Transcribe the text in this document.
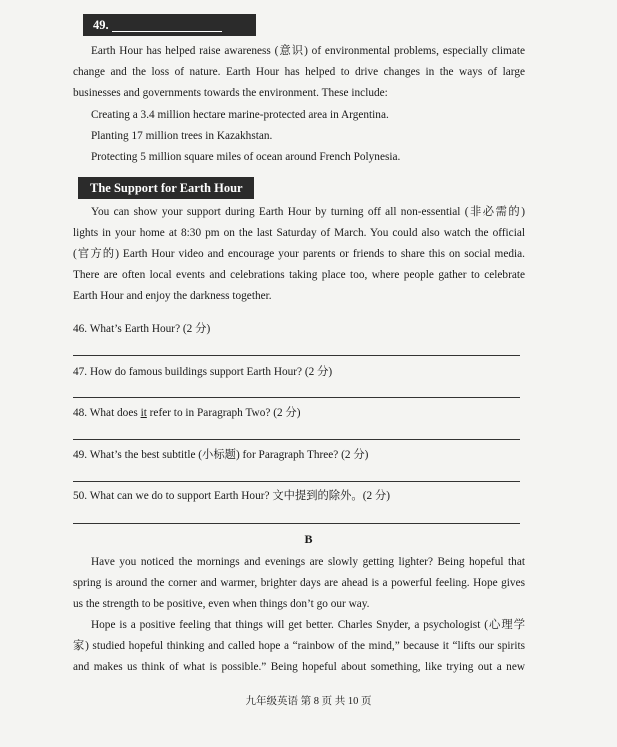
49.

Earth Hour has helped raise awareness (意识) of environmental problems, especially climate

change and the loss of nature. Earth Hour has helped to drive changes in the ways of large

businesses and governments towards the environment. These include:

Creating a 3.4 million hectare marine-protected area in Argentina.

Planting 17 million trees in Kazakhstan.

Protecting 5 million square miles of ocean around French Polynesia.

The Support for Earth Hour

You can show your support during Earth Hour by turning off all non-essential (非必需的)

lights in your home at 8:30 pm on the last Saturday of March. You could also watch the official

(官方的) Earth Hour video and encourage your parents or friends to share this on social media.

There are often local events and celebrations taking place too, where people gather to celebrate

Earth Hour and enjoy the darkness together.

46. What’s Earth Hour? (2 分)

47. How do famous buildings support Earth Hour? (2 分)

48. What does it refer to in Paragraph Two? (2 分)

49. What’s the best subtitle (小标题) for Paragraph Three? (2 分)

50. What can we do to support Earth Hour? 文中提到的除外。(2 分)

B

Have you noticed the mornings and evenings are slowly getting lighter? Being hopeful that

spring is around the corner and warmer, brighter days are ahead is a powerful feeling. Hope gives

us the strength to be positive, even when things don’t go our way.

Hope is a positive feeling that things will get better. Charles Snyder, a psychologist (心理学

家) studied hopeful thinking and called hope a “rainbow of the mind,” because it “lifts our spirits

and makes us think of what is possible.” Being hopeful about something, like trying out a new

九年级英语 第 8 页 共 10 页
